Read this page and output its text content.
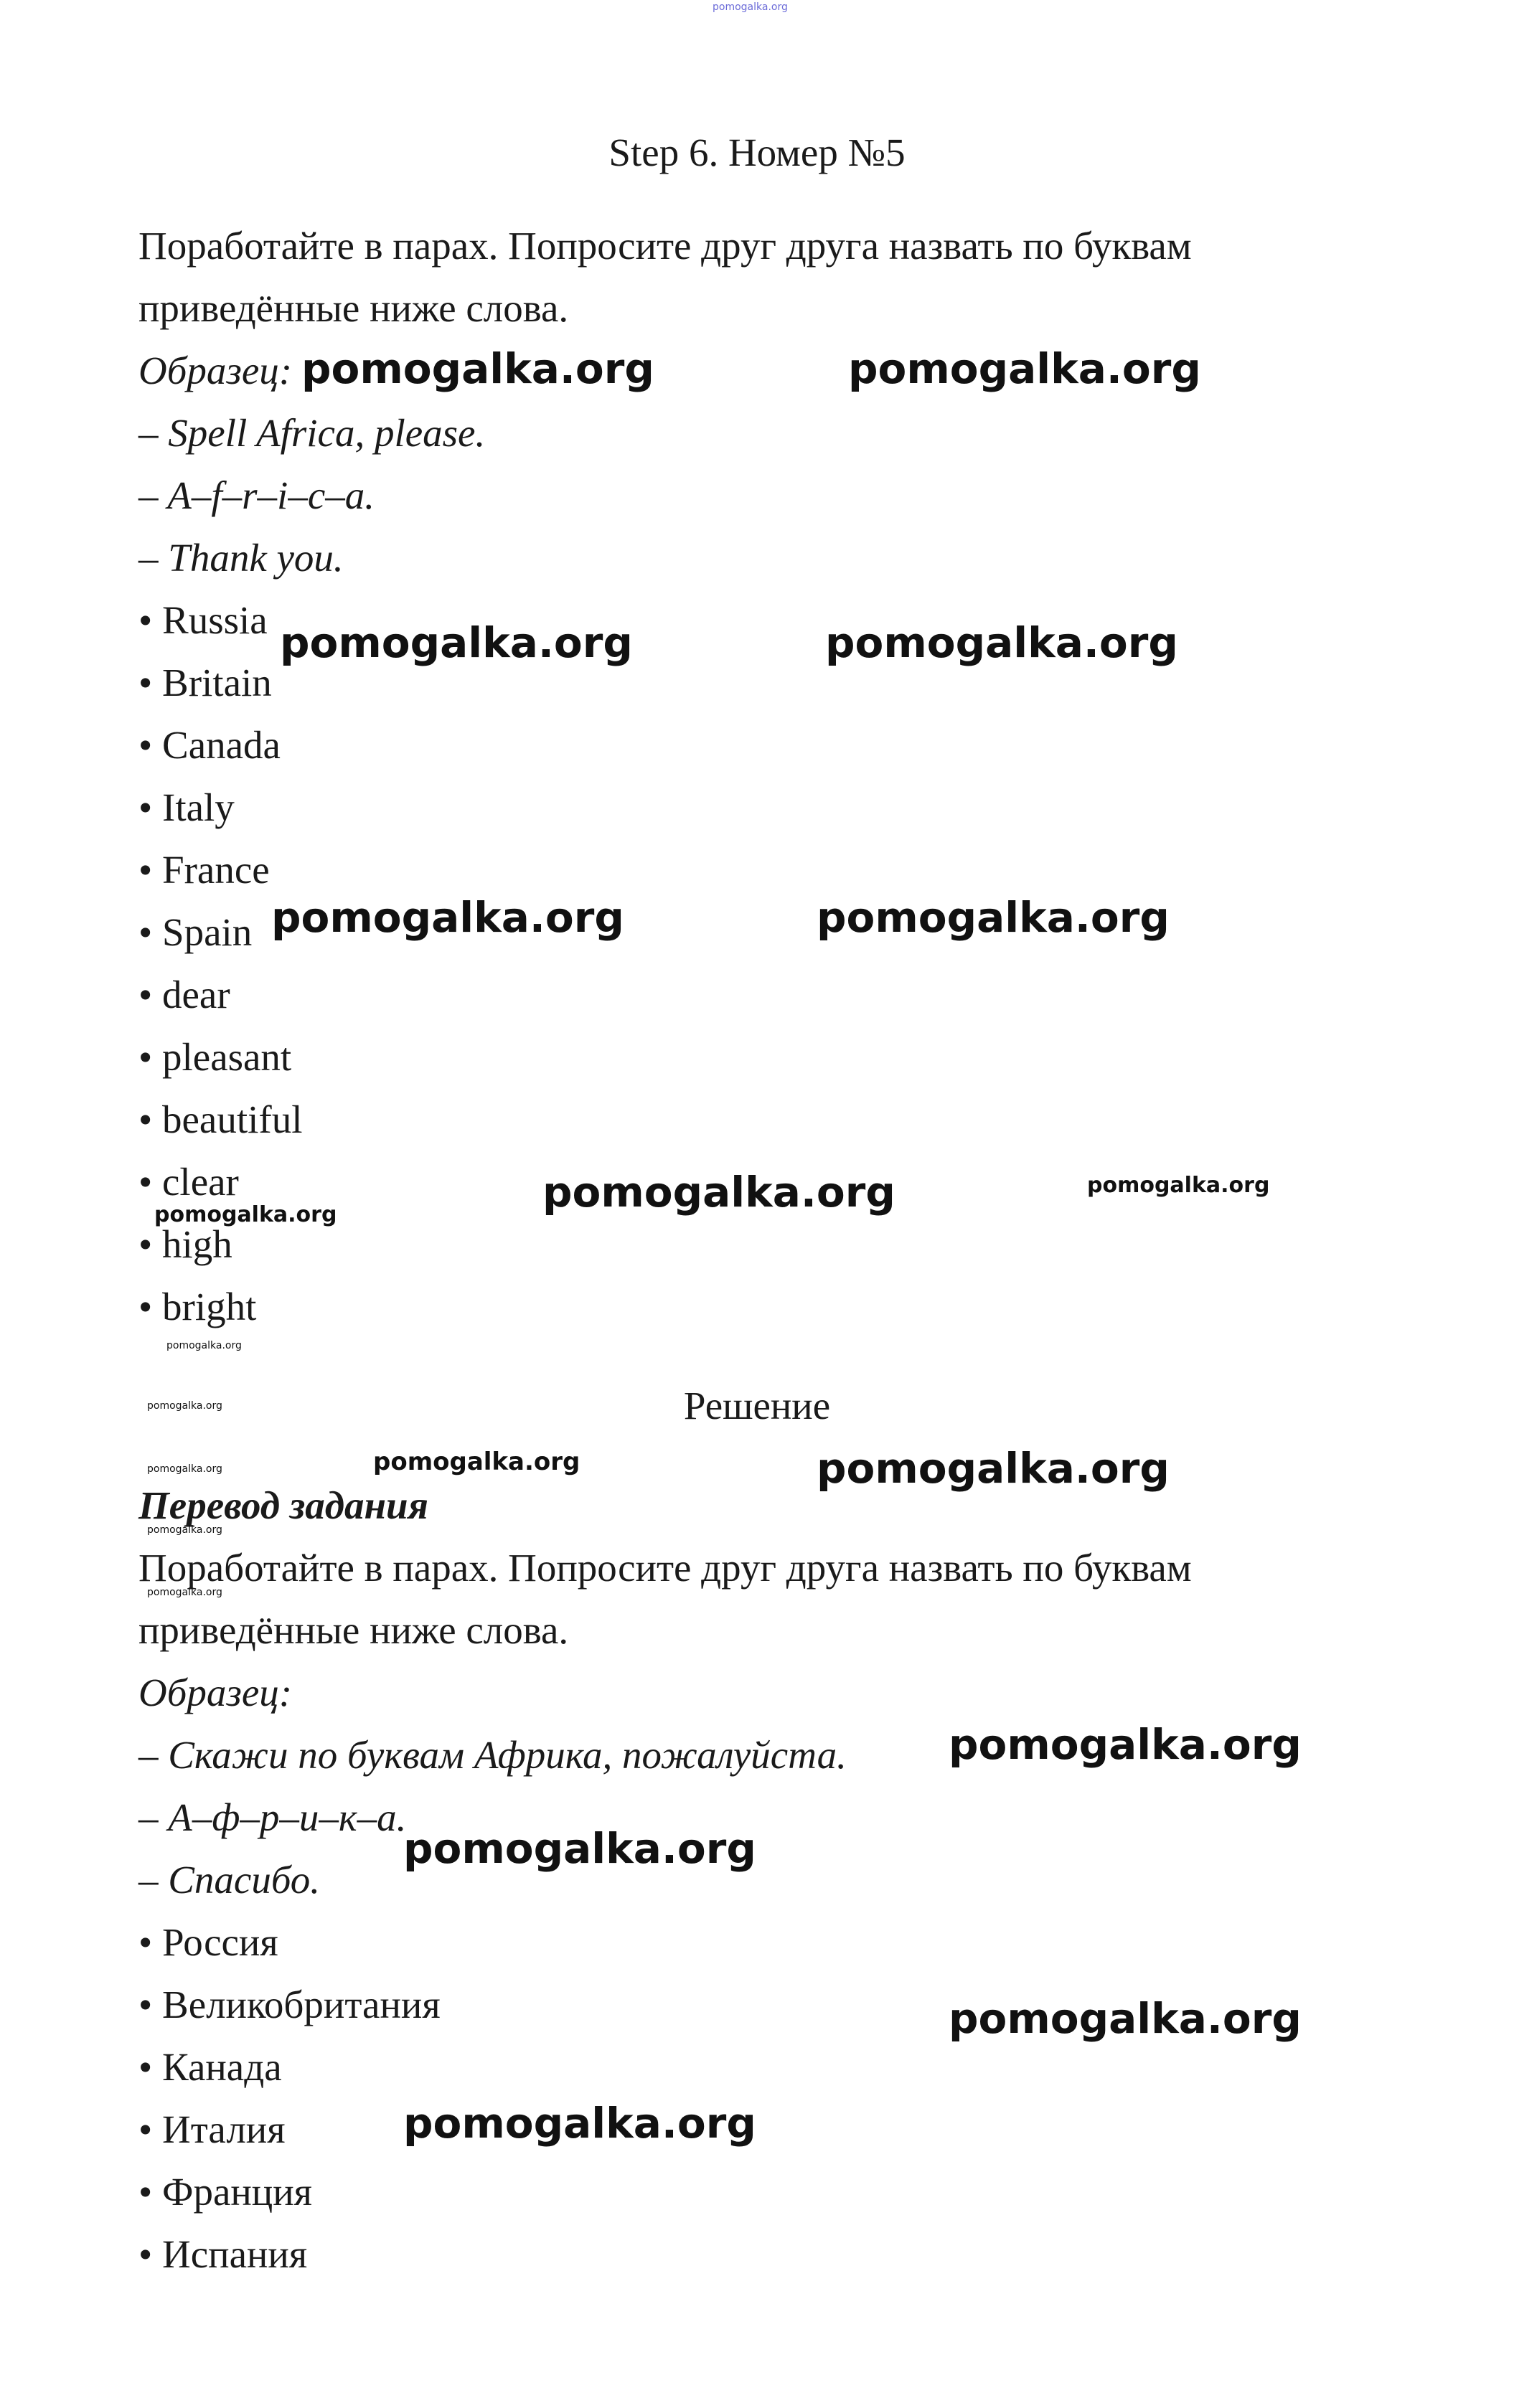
pomogalka.org
Step 6. Номер №5
Поработайте в парах. Попросите друг друга назвать по буквам
приведённые ниже слова.
Образец:
– Spell Africa, please.
– A–f–r–i–c–a.
– Thank you.
• Russia
• Britain
• Canada
• Italy
• France
• Spain
• dear
• pleasant
• beautiful
• clear
• high
• bright
Решение
Перевод задания
Поработайте в парах. Попросите друг друга назвать по буквам
приведённые ниже слова.
Образец:
– Скажи по буквам Африка, пожалуйста.
– А–ф–р–и–к–а.
– Спасибо.
• Россия
• Великобритания
• Канада
• Италия
• Франция
• Испания
pomogalka.org	pomogalka.org
pomogalka.org	pomogalka.org
pomogalka.org	pomogalka.org
pomogalka.org	pomogalka.org
pomogalka.org
pomogalka.org
pomogalka.org
pomogalka.org	pomogalka.org	pomogalka.org
pomogalka.org
pomogalka.org
pomogalka.org
pomogalka.org
pomogalka.org
pomogalka.org
